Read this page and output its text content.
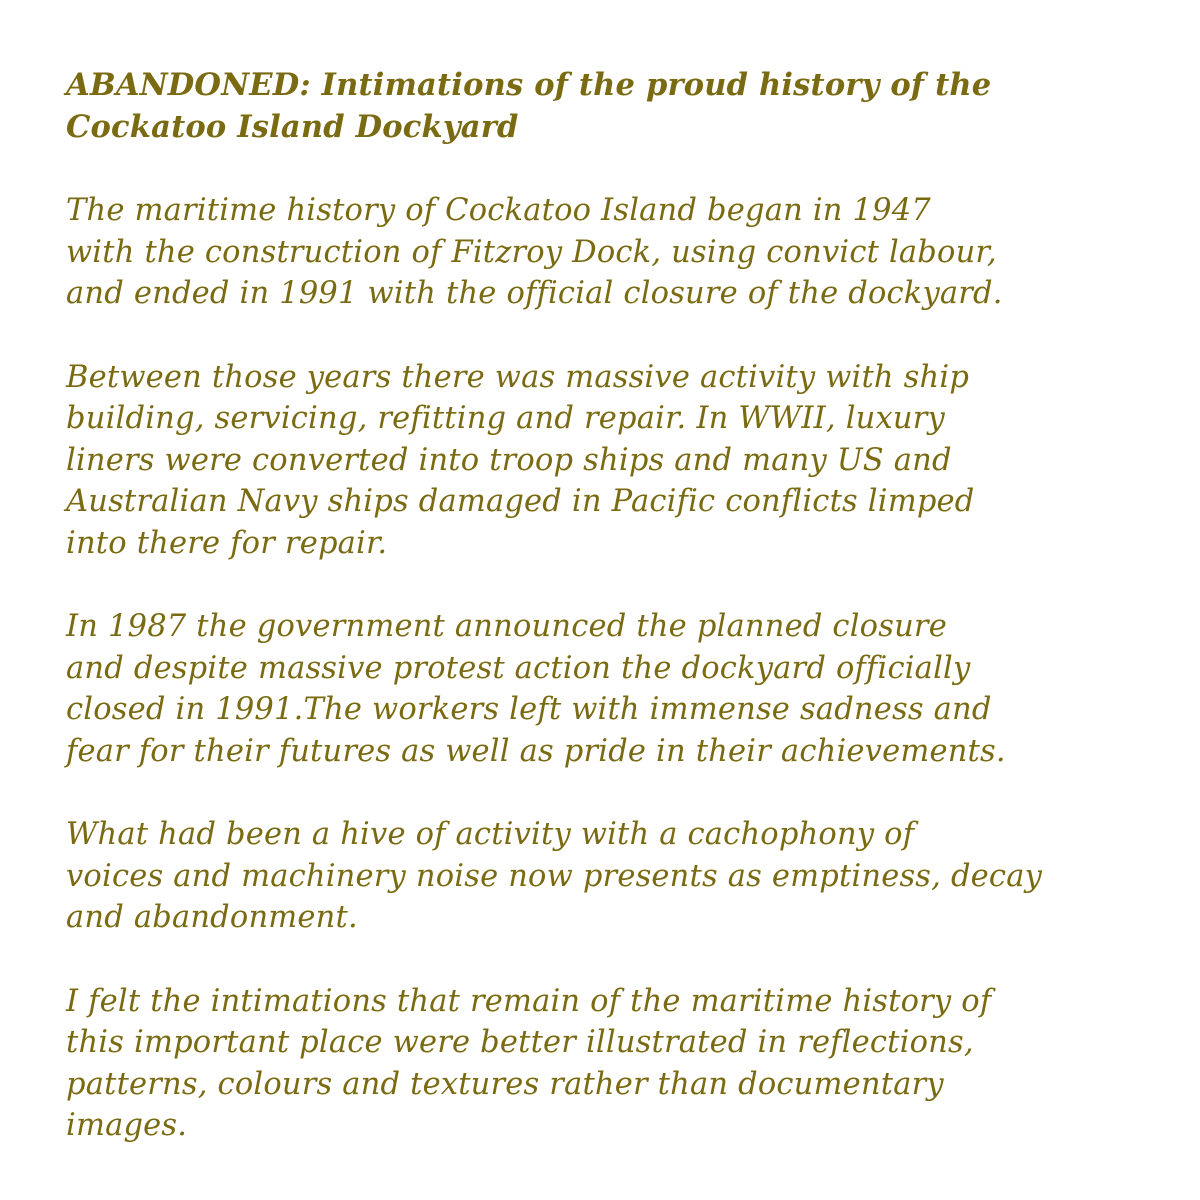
ABANDONED: Intimations of the proud history of the
Cockatoo Island Dockyard
The maritime history of Cockatoo Island began in 1947
with the construction of Fitzroy Dock, using convict labour,
and ended in 1991 with the official closure of the dockyard.
Between those years there was massive activity with ship
building, servicing, refitting and repair. In WWII, luxury
liners were converted into troop ships and many US and
Australian Navy ships damaged in Pacific conflicts limped
into there for repair.
In 1987 the government announced the planned closure
and despite massive protest action the dockyard officially
closed in 1991.The workers left with immense sadness and
fear for their futures as well as pride in their achievements.
What had been a hive of activity with a cachophony of
voices and machinery noise now presents as emptiness, decay
and abandonment.
I felt the intimations that remain of the maritime history of
this important place were better illustrated in reflections,
patterns, colours and textures rather than documentary
images.
